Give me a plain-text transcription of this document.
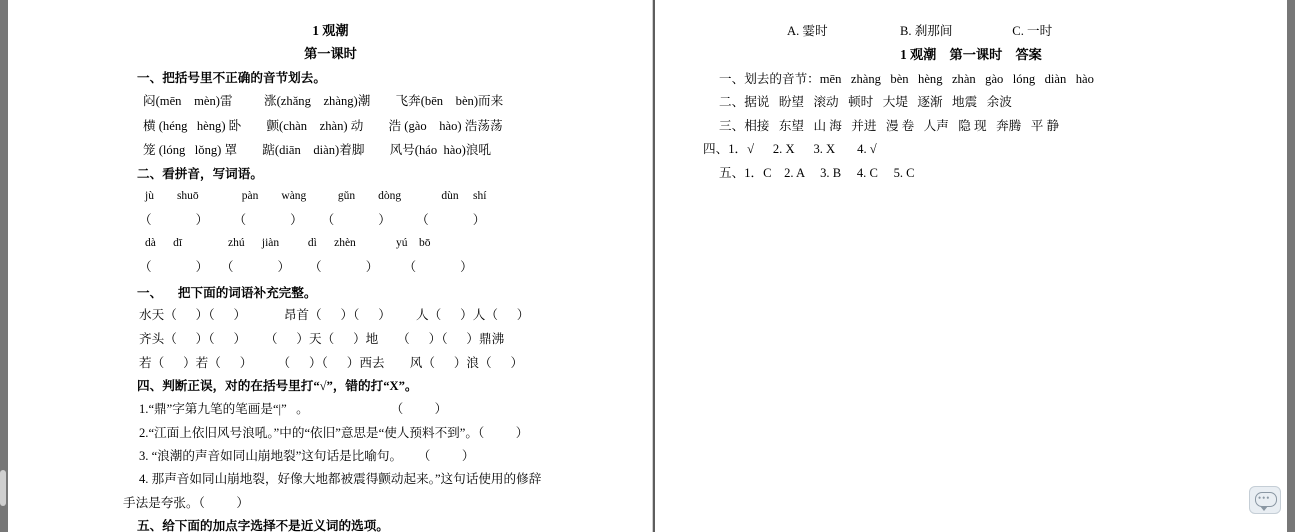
1 观潮
第一课时
一、把括号里不正确的音节划去。
闷(mēn    mèn)雷          涨(zhǎng    zhàng)潮        飞奔(bēn    bèn)而来
横 (héng   hèng) 卧        颤(chàn    zhàn) 动        浩 (gào    hào) 浩荡荡
笼 (lóng   lǒng) 罩        踮(diān    diàn)着脚        风号(háo  hào)浪吼
二、看拼音，写词语。
jù        shuō               pàn        wàng           gǔn        dòng              dùn     shí
（              ）        （              ）      （              ）        （              ）
dà      dī                zhú      jiàn          dì      zhèn              yú    bō
（              ）    （              ）      （              ）        （              ）
一、     把下面的词语补充完整。
水天（      ）（      ）            昂首（      ）（      ）        人（      ）人（      ）
齐头（      ）（      ）      （      ）天（      ）地      （      ）（      ）鼎沸
若（      ）若（      ）        （      ）（      ）西去        风（      ）浪（      ）
四、判断正误，对的在括号里打“√”，错的打“X”。
1.“鼎”字第九笔的笔画是“|”   。                          （          ）
2.“江面上依旧风号浪吼。”中的“依旧”意思是“使人预料不到”。（          ）
3. “浪潮的声音如同山崩地裂”这句话是比喻句。     （          ）
4. 那声音如同山崩地裂，好像大地都被震得颤动起来。”这句话使用的修辞
手法是夸张。（          ）
五、给下面的加点字选择不是近义词的选项。
A. 霎时                       B. 刹那间                   C. 一时
1 观潮    第一课时    答案
一、划去的音节：mēn   zhàng   bèn   hèng   zhàn   gào   lóng   diàn   hào
二、据说   盼望   滚动   顿时   大堤   逐渐   地震   余波
三、相接   东望   山 海   并进   漫 卷   人声   隐 现   奔腾   平 静
四、1．√      2. X      3. X       4. √
五、1．C    2. A     3. B     4. C     5. C
•••
